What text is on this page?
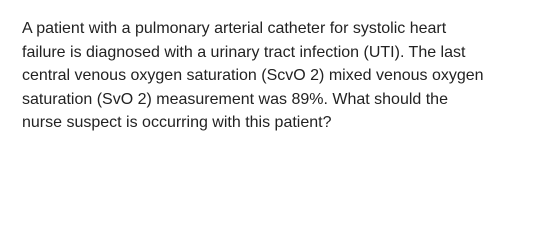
A patient with a pulmonary arterial catheter for systolic heart
failure is diagnosed with a urinary tract infection (UTI). The last
central venous oxygen saturation (ScvO 2) mixed venous oxygen
saturation (SvO 2) measurement was 89%. What should the
nurse suspect is occurring with this patient?
